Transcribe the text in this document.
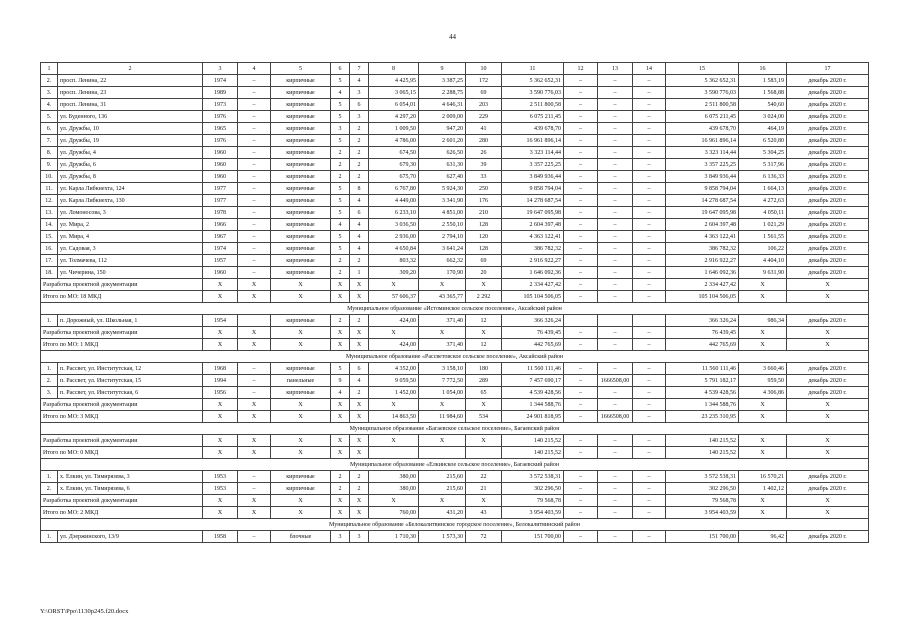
44
1	2	3	4	5	6	7	8	9	10	11	12	13	14	15	16	17
2.	просп. Ленина, 22	1974	–	кирпичные	5	4	4 425,95	3 387,25	172	5 362 652,31	–	–	–	5 362 652,31	1 583,19	декабрь 2020 г.
3.	просп. Ленина, 23	1989	–	кирпичные	4	3	3 065,15	2 288,75	69	3 590 776,03	–	–	–	3 590 776,03	1 568,88	декабрь 2020 г.
4.	просп. Ленина, 31	1973	–	кирпичные	5	6	6 054,01	4 646,31	203	2 511 800,58	–	–	–	2 511 800,58	540,60	декабрь 2020 г.
5.	ул. Буденного, 136	1976	–	кирпичные	5	3	4 297,20	2 009,00	229	6 075 211,45	–	–	–	6 075 211,45	3 024,00	декабрь 2020 г.
6.	ул. Дружбы, 10	1965	–	кирпичные	3	2	1 009,50	947,20	41	439 678,70	–	–	–	439 678,70	464,19	декабрь 2020 г.
7.	ул. Дружбы, 19	1976	–	кирпичные	5	2	4 786,00	2 601,20	280	16 961 896,14	–	–	–	16 961 896,14	6 520,80	декабрь 2020 г.
8.	ул. Дружбы, 4	1960	–	кирпичные	2	2	674,50	626,50	26	3 323 114,44	–	–	–	3 323 114,44	5 304,25	декабрь 2020 г.
9.	ул. Дружбы, 6	1960	–	кирпичные	2	2	679,30	631,30	39	3 357 225,25	–	–	–	3 357 225,25	5 317,96	декабрь 2020 г.
10.	ул. Дружбы, 8	1960	–	кирпичные	2	2	675,70	627,40	33	3 849 936,44	–	–	–	3 849 936,44	6 136,33	декабрь 2020 г.
11.	ул. Карла Либкнехта, 124	1977	–	кирпичные	5	8	6 767,80	5 924,30	250	9 858 794,04	–	–	–	9 858 794,04	1 664,13	декабрь 2020 г.
12.	ул. Карла Либкнехта, 130	1977	–	кирпичные	5	4	4 449,00	3 341,90	176	14 278 687,54	–	–	–	14 278 687,54	4 272,63	декабрь 2020 г.
13.	ул. Ломоносова, 3	1978	–	кирпичные	5	6	6 233,10	4 851,00	210	19 647 095,98	–	–	–	19 647 095,98	4 050,11	декабрь 2020 г.
14.	ул. Мира, 2	1966	–	кирпичные	4	4	3 036,50	2 550,10	128	2 604 397,48	–	–	–	2 604 397,48	1 021,29	декабрь 2020 г.
15.	ул. Мира, 4	1967	–	кирпичные	5	4	2 936,00	2 794,10	120	4 363 122,41	–	–	–	4 363 122,41	1 561,55	декабрь 2020 г.
16.	ул. Садовая, 3	1974	–	кирпичные	5	4	4 650,84	3 641,24	128	386 782,32	–	–	–	386 782,32	106,22	декабрь 2020 г.
17.	ул. Толмачева, 112	1957	–	кирпичные	2	2	803,32	662,32	69	2 916 922,27	–	–	–	2 916 922,27	4 404,10	декабрь 2020 г.
18.	ул. Чичерина, 150	1960	–	кирпичные	2	1	309,20	170,90	20	1 646 092,36	–	–	–	1 646 092,36	9 631,90	декабрь 2020 г.
Разработка проектной документации		Х	Х	Х	Х	Х	Х	Х	Х	2 334 427,42	–	–	–	2 334 427,42	Х	Х
Итого по МО: 18 МКД		Х	Х	Х	Х	Х	57 606,37	43 365,77	2 292	105 104 506,05	–	–	–	105 104 506,05	Х	Х
Муниципальное образование «Истоминское сельское поселение», Аксайский район																
1.	п. Дорожный, ул. Школьная, 1	1954		кирпичные	2	2	424,00	371,40	12	366 326,24				366 326,24	986,34	декабрь 2020 г.
Разработка проектной документации		Х	Х	Х	Х	Х	Х	Х	Х	76 439,45	–	–	–	76 439,45	Х	Х
Итого по МО: 1 МКД		Х	Х	Х	Х	Х	424,00	371,40	12	442 765,69	–	–	–	442 765,69	Х	Х
Муниципальное образование «Рассветовское сельское поселение», Аксайский район																
1.	п. Рассвет, ул. Институтская, 12	1968	–	кирпичные	5	6	4 352,00	3 158,10	180	11 560 111,46	–	–	–	11 560 111,46	3 660,46	декабрь 2020 г.
2.	п. Рассвет, ул. Институтская, 15	1994	–	панельные	9	4	9 059,50	7 772,50	289	7 457 690,17	–	1666508,00	–	5 791 182,17	959,50	декабрь 2020 г.
3.	п. Рассвет, ул. Институтская, 6	1956	–	кирпичные	4	2	1 452,00	1 054,00	65	4 539 428,56	–	–	–	4 539 428,56	4 306,86	декабрь 2020 г.
Разработка проектной документации		Х	Х	Х	Х	Х	Х	Х	Х	1 344 588,76	–	–	–	1 344 588,76	Х	Х
Итого по МО: 3 МКД		Х	Х	Х	Х	Х	14 863,50	11 984,60	534	24 901 818,95	–	1666508,00	–	23 235 310,95	Х	Х
Муниципальное образование «Багаевское сельское поселение», Багаевский район																
Разработка проектной документации		Х	Х	Х	Х	Х	Х	Х	Х	140 215,52	–	–	–	140 215,52	Х	Х
Итого по МО: 0 МКД		Х	Х	Х	Х	Х				140 215,52	–	–	–	140 215,52	Х	Х
Муниципальное образование «Елкинское сельское поселение», Багаевский район																
1.	х. Елкин, ул. Тимирязева, 3	1953	–	кирпичные	2	2	380,00	215,60	22	3 572 538,31	–	–	–	3 572 538,31	16 570,21	декабрь 2020 г.
2.	х. Елкин, ул. Тимирязева, 6	1953	–	кирпичные	2	2	380,00	215,60	21	302 296,50	–	–	–	302 296,50	1 402,12	декабрь 2020 г.
Разработка проектной документации		Х	Х	Х	Х	Х	Х	Х	Х	79 568,78	–	–	–	79 568,78	Х	Х
Итого по МО: 2 МКД		Х	Х	Х	Х	Х	760,00	431,20	43	3 954 403,59	–	–	–	3 954 403,59	Х	Х
Муниципальное образование «Белокалитвинское городское поселение», Белокалитвинский район																
1.	ул. Дзержинского, 13/9	1958	–	блочные	3	3	1 710,30	1 573,30	72	151 700,00	–	–	–	151 700,00	96,42	декабрь 2020 г.
Y:\ORST\Ppo\1130p245.f20.docx
